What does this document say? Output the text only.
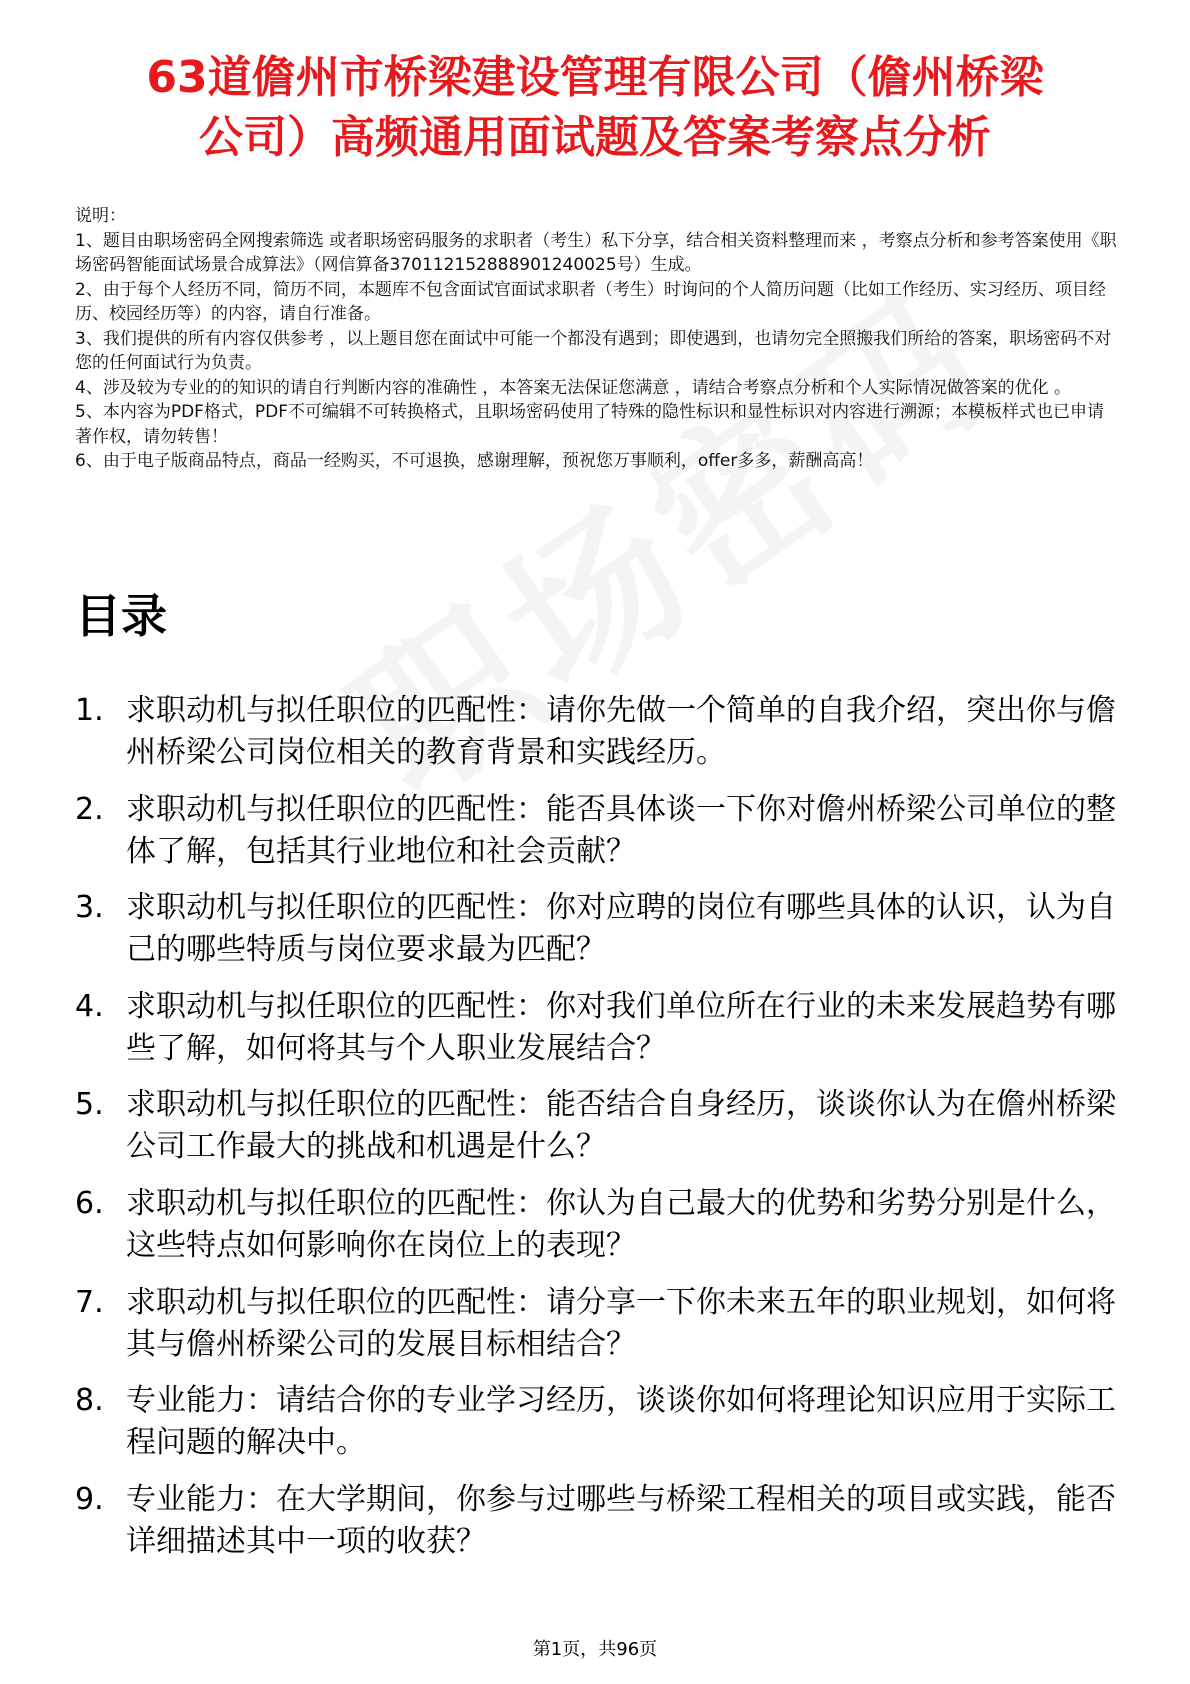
63道儋州市桥梁建设管理有限公司（儋州桥梁
公司）高频通用面试题及答案考察点分析

说明：

1、题目由职场密码全网搜索筛选 或者职场密码服务的求职者（考生）私下分享，结合相关资料整理而来 ，考察点分析和参考答案使用《职场密码智能面试场景合成算法》（网信算备370112152888901240025号）生成。

2、由于每个人经历不同，简历不同，本题库不包含面试官面试求职者（考生）时询问的个人简历问题（比如工作经历、实习经历、项目经历、校园经历等）的内容，请自行准备。

3、我们提供的所有内容仅供参考 ，以上题目您在面试中可能一个都没有遇到；即使遇到，也请勿完全照搬我们所给的答案，职场密码不对您的任何面试行为负责。

4、涉及较为专业的的知识的请自行判断内容的准确性 ，本答案无法保证您满意 ，请结合考察点分析和个人实际情况做答案的优化 。

5、本内容为PDF格式，PDF不可编辑不可转换格式，且职场密码使用了特殊的隐性标识和显性标识对内容进行溯源；本模板样式也已申请著作权，请勿转售！

6、由于电子版商品特点，商品一经购买，不可退换，感谢理解，预祝您万事顺利，offer多多，薪酬高高！

目录
1. 求职动机与拟任职位的匹配性：请你先做一个简单的自我介绍，突出你与儋州桥梁公司岗位相关的教育背景和实践经历。
2. 求职动机与拟任职位的匹配性：能否具体谈一下你对儋州桥梁公司单位的整体了解，包括其行业地位和社会贡献？
3. 求职动机与拟任职位的匹配性：你对应聘的岗位有哪些具体的认识，认为自己的哪些特质与岗位要求最为匹配？
4. 求职动机与拟任职位的匹配性：你对我们单位所在行业的未来发展趋势有哪些了解，如何将其与个人职业发展结合？
5. 求职动机与拟任职位的匹配性：能否结合自身经历，谈谈你认为在儋州桥梁公司工作最大的挑战和机遇是什么？
6. 求职动机与拟任职位的匹配性：你认为自己最大的优势和劣势分别是什么，这些特点如何影响你在岗位上的表现？
7. 求职动机与拟任职位的匹配性：请分享一下你未来五年的职业规划，如何将其与儋州桥梁公司的发展目标相结合？
8. 专业能力：请结合你的专业学习经历，谈谈你如何将理论知识应用于实际工程问题的解决中。
9. 专业能力：在大学期间，你参与过哪些与桥梁工程相关的项目或实践，能否详细描述其中一项的收获？
第1页，共96页
